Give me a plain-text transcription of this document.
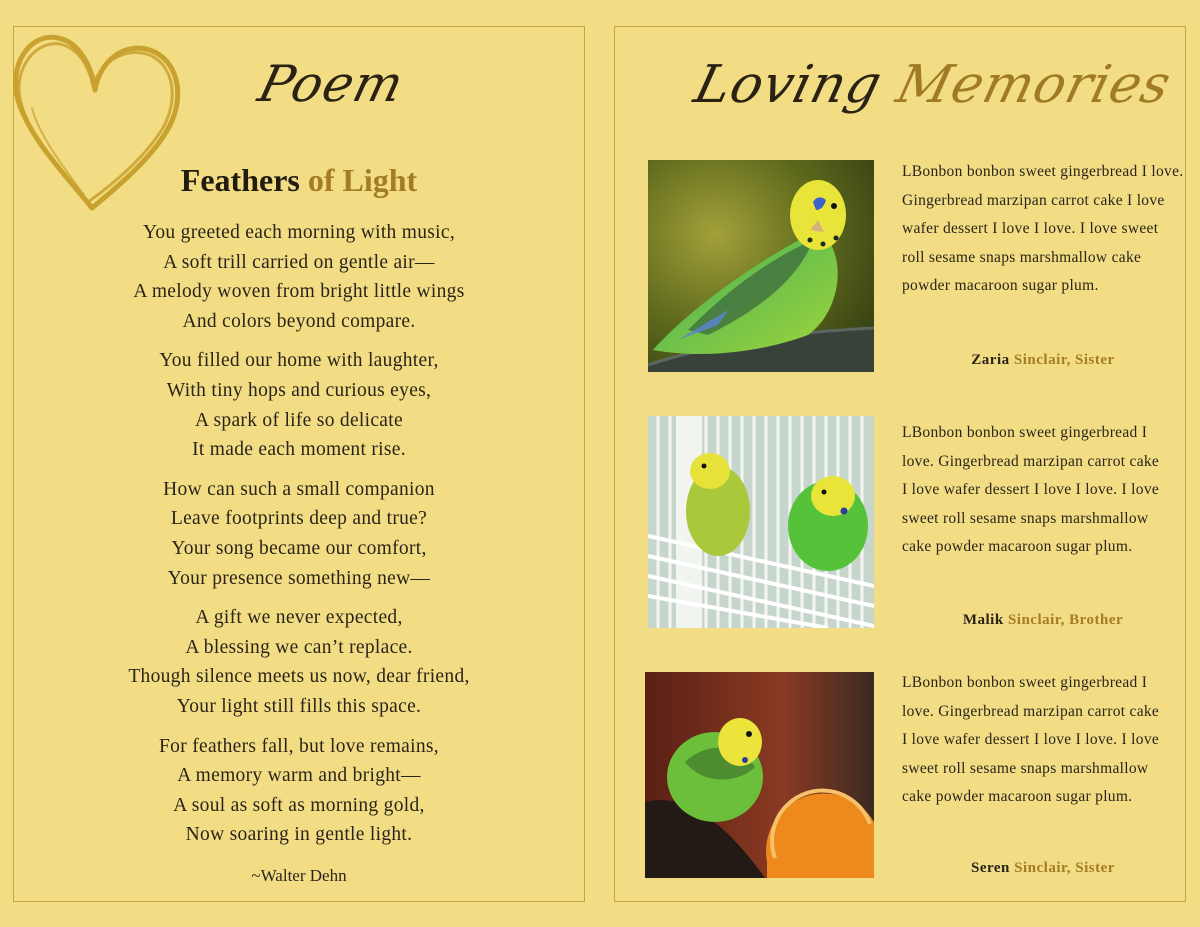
Poem
Feathers of Light
You greeted each morning with music,
A soft trill carried on gentle air—
A melody woven from bright little wings
And colors beyond compare.
You filled our home with laughter,
With tiny hops and curious eyes,
A spark of life so delicate
It made each moment rise.
How can such a small companion
Leave footprints deep and true?
Your song became our comfort,
Your presence something new—
A gift we never expected,
A blessing we can’t replace.
Though silence meets us now, dear friend,
Your light still fills this space.
For feathers fall, but love remains,
A memory warm and bright—
A soul as soft as morning gold,
Now soaring in gentle light.
~Walter Dehn
Loving Memories
LBonbon bonbon sweet gingerbread I love. Gingerbread marzipan carrot cake I love wafer dessert I love I love. I love sweet roll sesame snaps marshmallow cake powder macaroon sugar plum.
Zaria Sinclair, Sister
LBonbon bonbon sweet gingerbread I love. Gingerbread marzipan carrot cake I love wafer dessert I love I love. I love sweet roll sesame snaps marshmallow cake powder macaroon sugar plum.
Malik Sinclair, Brother
LBonbon bonbon sweet gingerbread I love. Gingerbread marzipan carrot cake I love wafer dessert I love I love. I love sweet roll sesame snaps marshmallow cake powder macaroon sugar plum.
Seren Sinclair, Sister
